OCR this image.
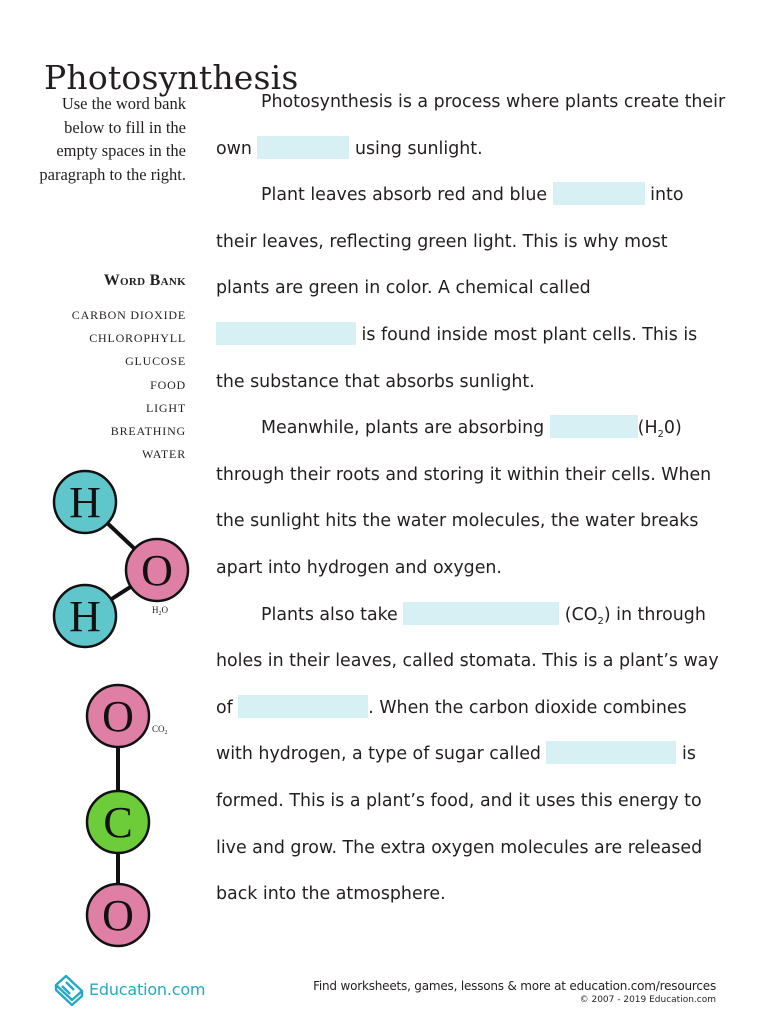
Photosynthesis
Use the word bank below to fill in the empty spaces in the paragraph to the right.
Word Bank
CARBON DIOXIDE
CHLOROPHYLL
GLUCOSE
FOOD
LIGHT
BREATHING
WATER

Photosynthesis is a process where plants create their own	using sunlight.

Plant leaves absorb red and blue	into their leaves, reflecting green light. This is why most plants are green in color. A chemical called  is found inside most plant cells. This is the substance that absorbs sunlight.

Meanwhile, plants are absorbing	$(H_20)$ through their roots and storing it within their cells. When the sunlight hits the water molecules, the water breaks apart into hydrogen and oxygen.

Plants also take	$(CO_2)$ in through holes in their leaves, called stomata. This is a plant’s way of	. When the carbon dioxide combines with hydrogen, a type of sugar called	is formed. This is a plant’s food, and it uses this energy to live and grow. The extra oxygen molecules are released back into the atmosphere.

H
O
H	$H_2O$
O
C
O
$CO_2$
Education.com	Find worksheets, games, lessons & more at education.com/resources
© 2007 - 2019 Education.com
